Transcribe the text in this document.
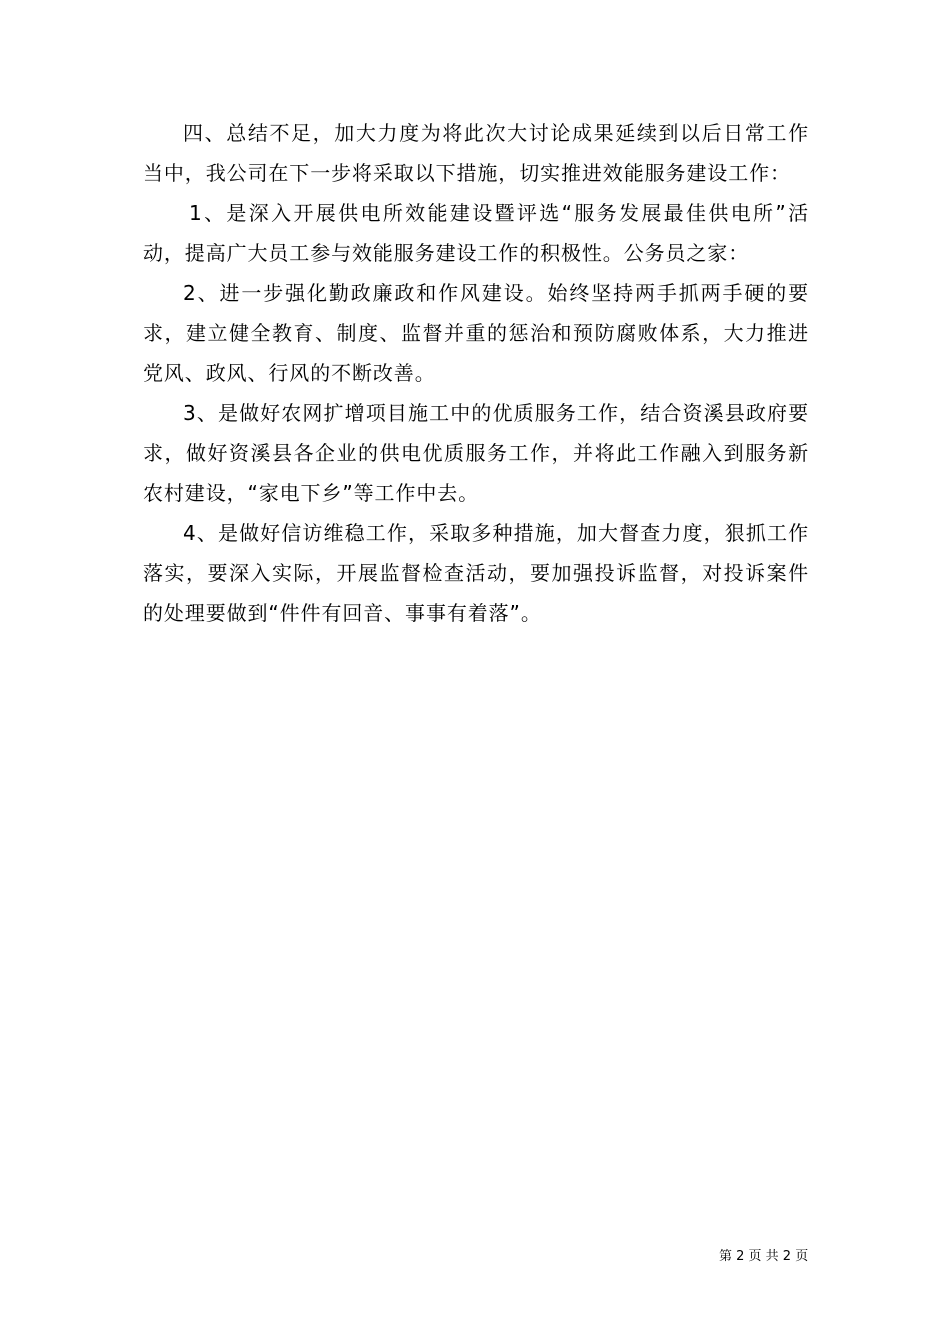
四、总结不足，加大力度为将此次大讨论成果延续到以后日常工作当中，我公司在下一步将采取以下措施，切实推进效能服务建设工作：

1、是深入开展供电所效能建设暨评选“服务发展最佳供电所”活动，提高广大员工参与效能服务建设工作的积极性。公务员之家：

2、进一步强化勤政廉政和作风建设。始终坚持两手抓两手硬的要求，建立健全教育、制度、监督并重的惩治和预防腐败体系，大力推进党风、政风、行风的不断改善。

3、是做好农网扩增项目施工中的优质服务工作，结合资溪县政府要求，做好资溪县各企业的供电优质服务工作，并将此工作融入到服务新农村建设，“家电下乡”等工作中去。

4、是做好信访维稳工作，采取多种措施，加大督查力度，狠抓工作落实，要深入实际，开展监督检查活动，要加强投诉监督，对投诉案件的处理要做到“件件有回音、事事有着落”。

第 2 页 共 2 页
